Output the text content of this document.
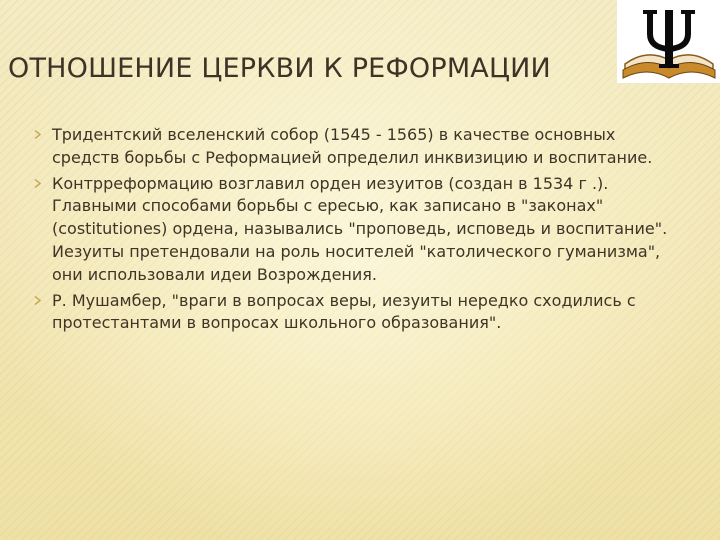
ОТНОШЕНИЕ ЦЕРКВИ К РЕФОРМАЦИИ
Тридентский вселенский собор (1545 - 1565) в качестве основных средств борьбы с Реформацией определил инквизицию и воспитание.
Контрреформацию возглавил орден иезуитов (создан в 1534 г .). Главными способами борьбы с ересью, как записано в "законах" (costitutiones) ордена, назывались "проповедь, исповедь и воспитание". Иезуиты претендовали на роль носителей "католического гуманизма", они использовали идеи Возрождения.
Р. Мушамбер, "враги в вопросах веры, иезуиты нередко сходились с протестантами в вопросах школьного образования".
